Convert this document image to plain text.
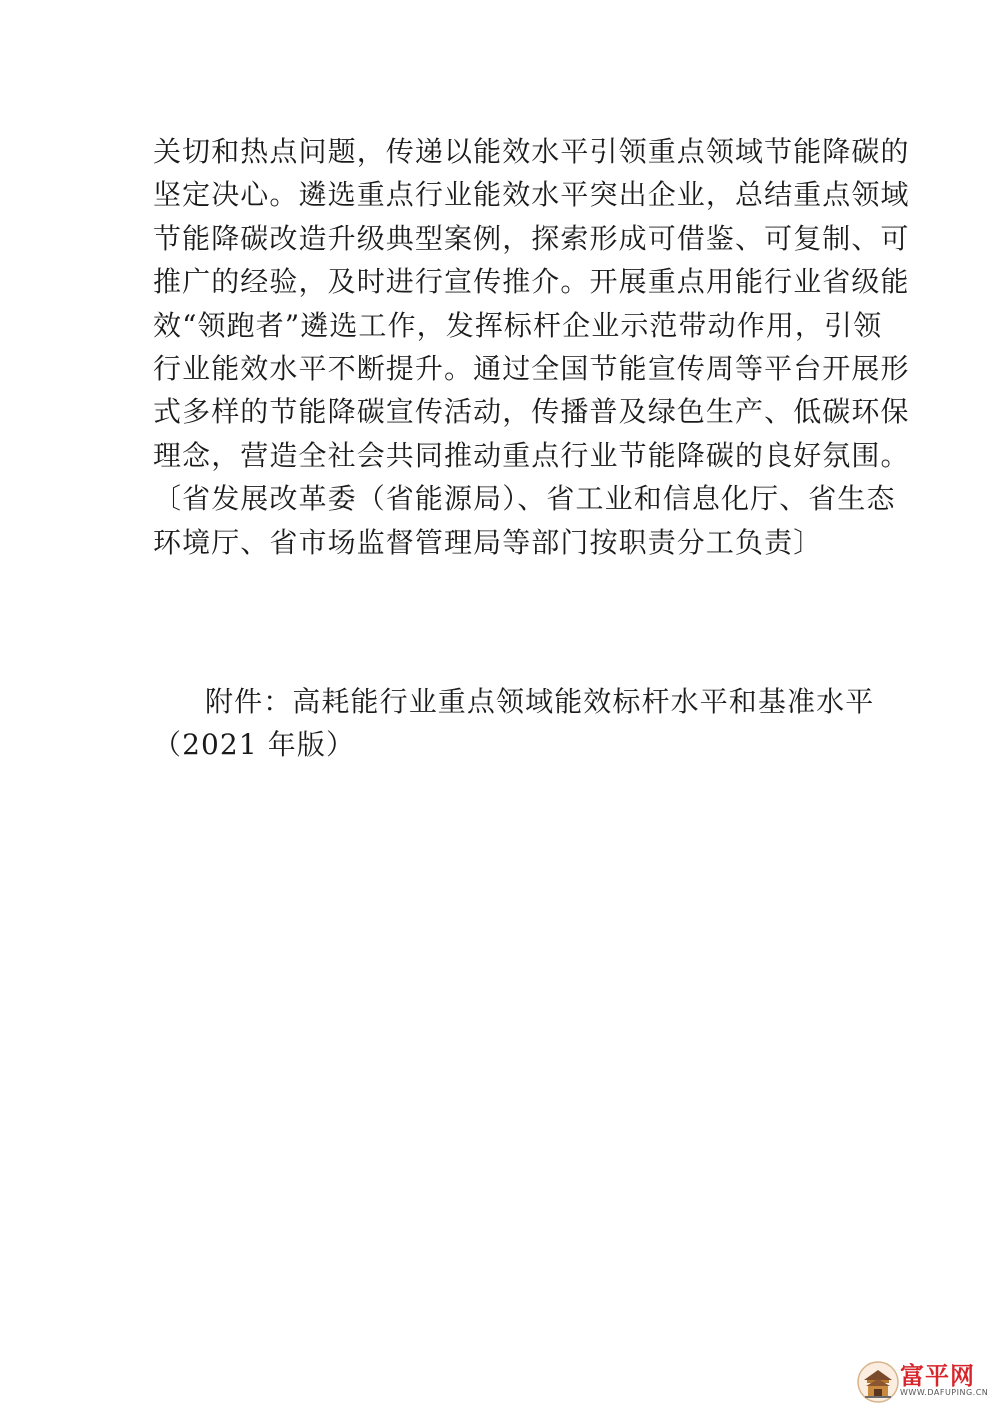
关切和热点问题，传递以能效水平引领重点领域节能降碳的
坚定决心。遴选重点行业能效水平突出企业，总结重点领域
节能降碳改造升级典型案例，探索形成可借鉴、可复制、可
推广的经验，及时进行宣传推介。开展重点用能行业省级能
效“领跑者”遴选工作，发挥标杆企业示范带动作用，引领
行业能效水平不断提升。通过全国节能宣传周等平台开展形
式多样的节能降碳宣传活动，传播普及绿色生产、低碳环保
理念，营造全社会共同推动重点行业节能降碳的良好氛围。
〔省发展改革委（省能源局）、省工业和信息化厅、省生态
环境厅、省市场监督管理局等部门按职责分工负责〕
附件：高耗能行业重点领域能效标杆水平和基准水平
（2021 年版）
富平网
WWW.DAFUPING.CN
